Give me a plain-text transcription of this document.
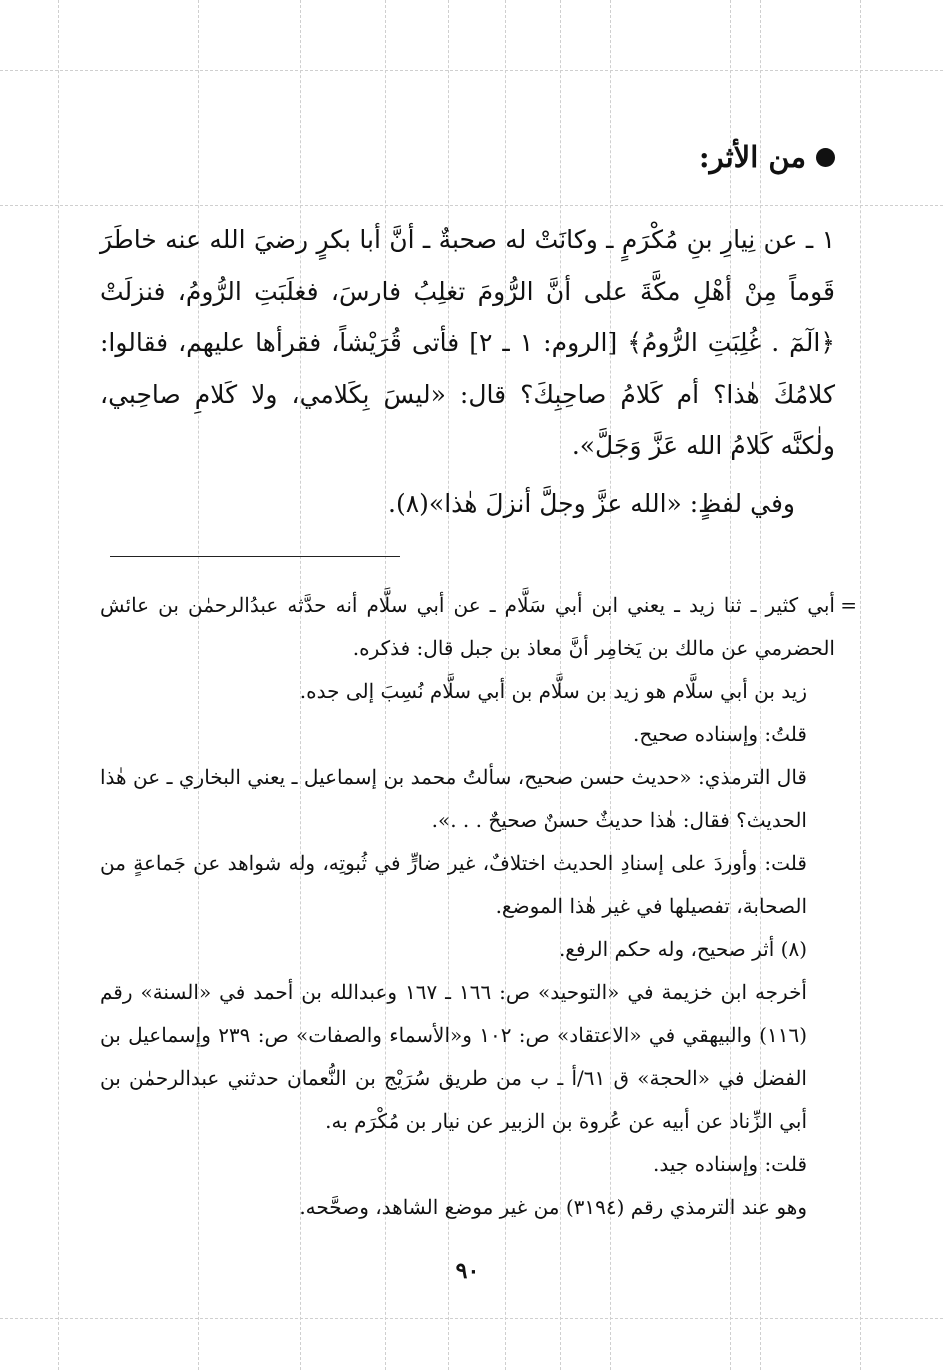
من الأثر:

١ ـ عن نِيارِ بنِ مُكْرَمٍ ـ وكانَتْ له صحبةٌ ـ أنَّ أبا بكرٍ رضيَ الله عنه خاطَرَ قَوماً مِنْ أهْلِ مكَّةَ على أنَّ الرُّومَ تغلِبُ فارسَ، فغلَبَتِ الرُّومُ، فنزلَتْ ﴿الٓمٓ . غُلِبَتِ الرُّومُ﴾ [الروم: ١ ـ ٢] فأتى قُرَيْشاً، فقرأها عليهم، فقالوا: كلامُكَ هٰذا؟ أم كَلامُ صاحِبِكَ؟ قال: «ليسَ بِكَلامي، ولا كَلامِ صاحِبي، ولٰكنَّه كَلامُ الله عَزَّ وَجَلَّ».

وفي لفظٍ: «الله عزَّ وجلَّ أنزلَ هٰذا»(٨).

=

أبي كثير ـ ثنا زيد ـ يعني ابن أبي سَلَّام ـ عن أبي سلَّام أنه حدَّثه عبدُالرحمٰن بن عائش الحضرمي عن مالك بن يَخامِر أنَّ معاذ بن جبل قال: فذكره.

زيد بن أبي سلَّام هو زيد بن سلَّام بن أبي سلَّام نُسِبَ إلى جده.

قلتُ: وإسناده صحيح.

قال الترمذي: «حديث حسن صحيح، سألتُ محمد بن إسماعيل ـ يعني البخاري ـ عن هٰذا الحديث؟ فقال: هٰذا حديثٌ حسنٌ صحيحٌ . . .».

قلت: وأوردَ على إسنادِ الحديث اختلافٌ، غير ضارٍّ في ثُبوتِه، وله شواهد عن جَماعةٍ من الصحابة، تفصيلها في غير هٰذا الموضع.

(٨) أثر صحيح، وله حكم الرفع.

أخرجه ابن خزيمة في «التوحيد» ص: ١٦٦ ـ ١٦٧ وعبدالله بن أحمد في «السنة» رقم (١١٦) والبيهقي في «الاعتقاد» ص: ١٠٢ و«الأسماء والصفات» ص: ٢٣٩ وإسماعيل بن الفضل في «الحجة» ق ٦١/أ ـ ب من طريق سُرَيْج بن النُّعمان حدثني عبدالرحمٰن بن أبي الزِّناد عن أبيه عن عُروة بن الزبير عن نيار بن مُكْرَم به.

قلت: وإسناده جيد.

وهو عند الترمذي رقم (٣١٩٤) من غير موضع الشاهد، وصحَّحه.

٩٠
